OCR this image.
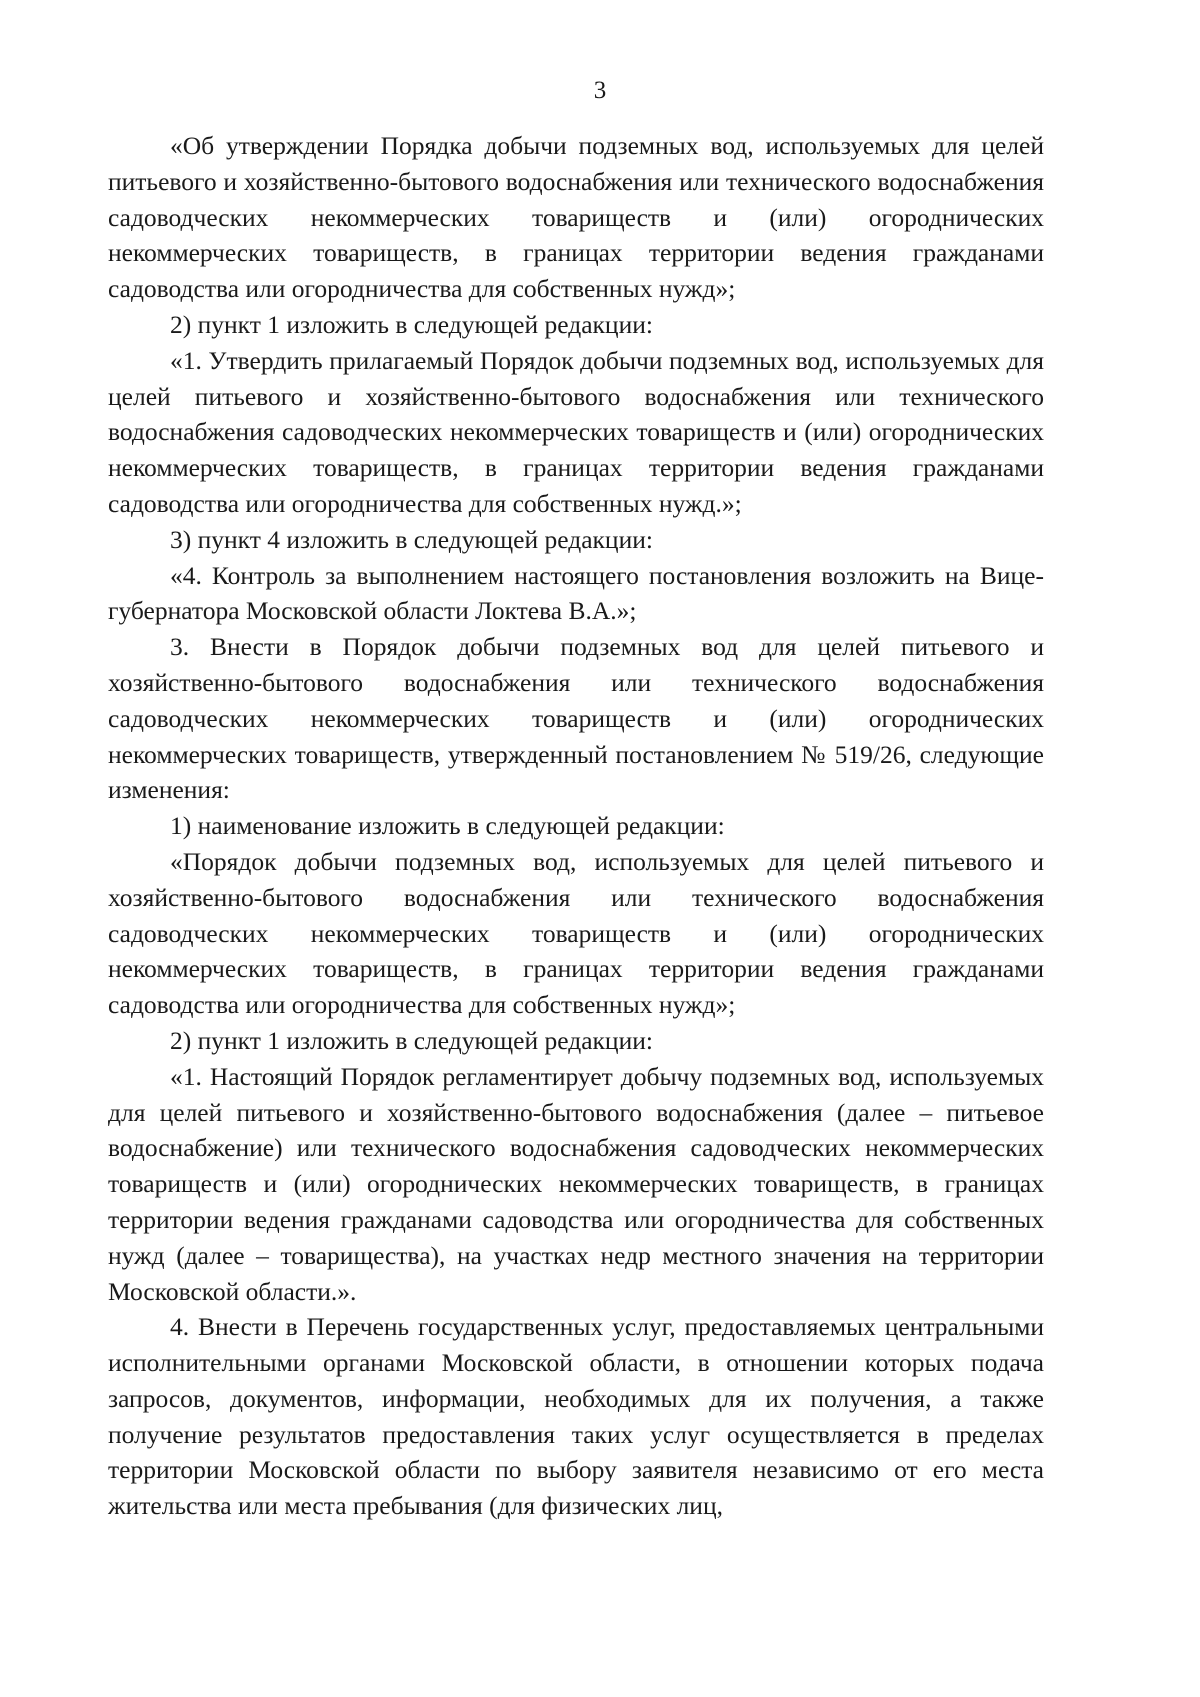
3

«Об утверждении Порядка добычи подземных вод, используемых для целей питьевого и хозяйственно-бытового водоснабжения или технического водоснабжения садоводческих некоммерческих товариществ и (или) огороднических некоммерческих товариществ, в границах территории ведения гражданами садоводства или огородничества для собственных нужд»;

2) пункт 1 изложить в следующей редакции:

«1. Утвердить прилагаемый Порядок добычи подземных вод, используемых для целей питьевого и хозяйственно-бытового водоснабжения или технического водоснабжения садоводческих некоммерческих товариществ и (или) огороднических некоммерческих товариществ, в границах территории ведения гражданами садоводства или огородничества для собственных нужд.»;

3) пункт 4 изложить в следующей редакции:

«4. Контроль за выполнением настоящего постановления возложить на Вице-губернатора Московской области Локтева В.А.»;

3. Внести в Порядок добычи подземных вод для целей питьевого и хозяйственно-бытового водоснабжения или технического водоснабжения садоводческих некоммерческих товариществ и (или) огороднических некоммерческих товариществ, утвержденный постановлением № 519/26, следующие изменения:

1) наименование изложить в следующей редакции:

«Порядок добычи подземных вод, используемых для целей питьевого и хозяйственно-бытового водоснабжения или технического водоснабжения садоводческих некоммерческих товариществ и (или) огороднических некоммерческих товариществ, в границах территории ведения гражданами садоводства или огородничества для собственных нужд»;

2) пункт 1 изложить в следующей редакции:

«1. Настоящий Порядок регламентирует добычу подземных вод, используемых для целей питьевого и хозяйственно-бытового водоснабжения (далее – питьевое водоснабжение) или технического водоснабжения садоводческих некоммерческих товариществ и (или) огороднических некоммерческих товариществ, в границах территории ведения гражданами садоводства или огородничества для собственных нужд (далее – товарищества), на участках недр местного значения на территории Московской области.».

4. Внести в Перечень государственных услуг, предоставляемых центральными исполнительными органами Московской области, в отношении которых подача запросов, документов, информации, необходимых для их получения, а также получение результатов предоставления таких услуг осуществляется в пределах территории Московской области по выбору заявителя независимо от его места жительства или места пребывания (для физических лиц,
